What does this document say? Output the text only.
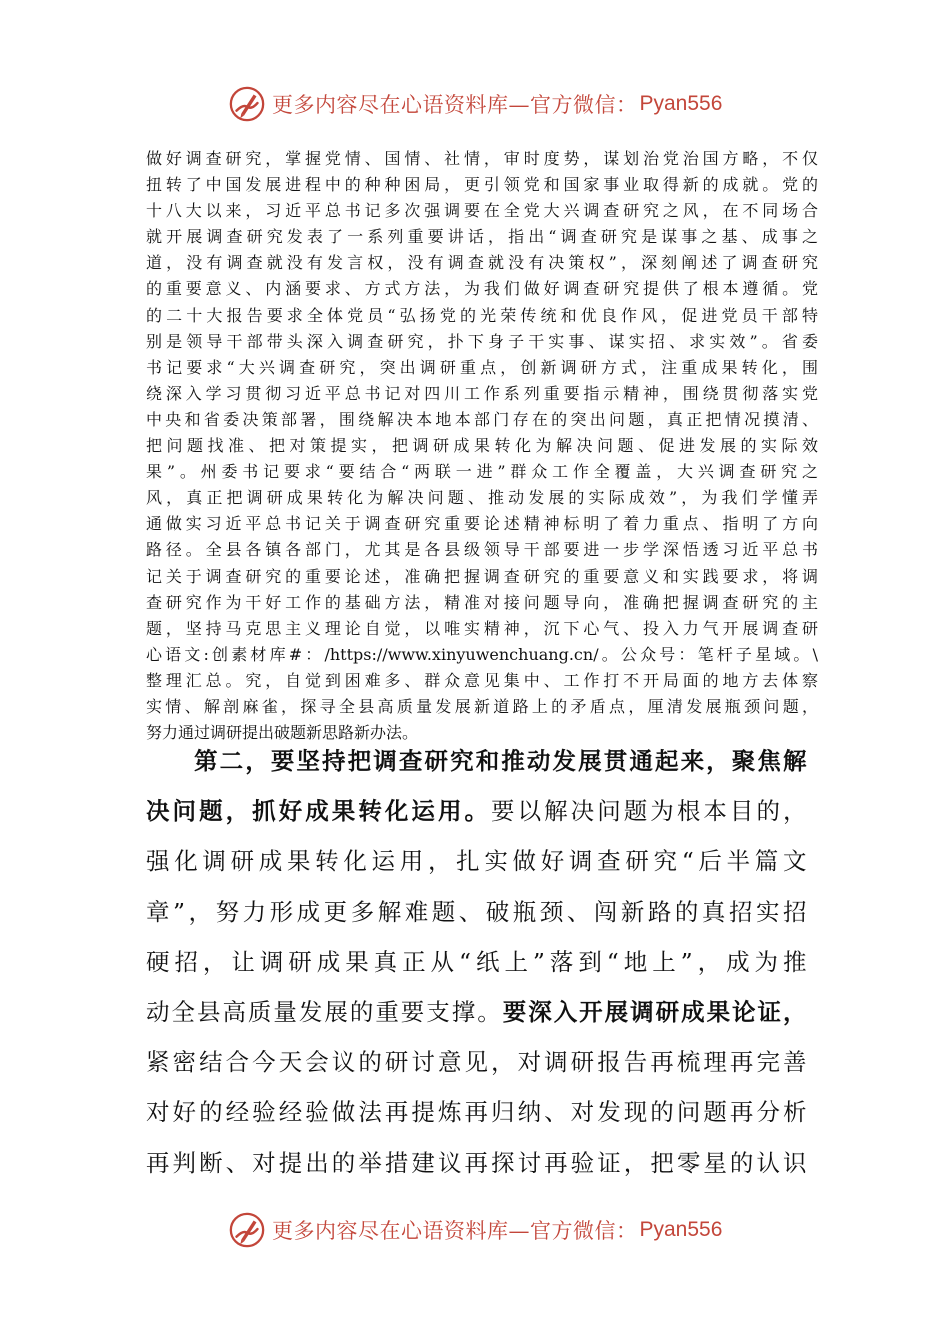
更多内容尽在心语资料库—官方微信： Pyan556
做好调查研究，掌握党情、国情、社情，审时度势，谋划治党治国方略，不仅
扭转了中国发展进程中的种种困局，更引领党和国家事业取得新的成就。党的
十八大以来，习近平总书记多次强调要在全党大兴调查研究之风，在不同场合
就开展调查研究发表了一系列重要讲话，指出“调查研究是谋事之基、成事之
道，没有调查就没有发言权，没有调查就没有决策权”，深刻阐述了调查研究
的重要意义、内涵要求、方式方法，为我们做好调查研究提供了根本遵循。党
的二十大报告要求全体党员“弘扬党的光荣传统和优良作风，促进党员干部特
别是领导干部带头深入调查研究，扑下身子干实事、谋实招、求实效”。省委
书记要求“大兴调查研究，突出调研重点，创新调研方式，注重成果转化，围
绕深入学习贯彻习近平总书记对四川工作系列重要指示精神，围绕贯彻落实党
中央和省委决策部署，围绕解决本地本部门存在的突出问题，真正把情况摸清、
把问题找准、把对策提实，把调研成果转化为解决问题、促进发展的实际效
果”。州委书记要求“要结合“两联一进”群众工作全覆盖，大兴调查研究之
风，真正把调研成果转化为解决问题、推动发展的实际成效”，为我们学懂弄
通做实习近平总书记关于调查研究重要论述精神标明了着力重点、指明了方向
路径。全县各镇各部门，尤其是各县级领导干部要进一步学深悟透习近平总书
记关于调查研究的重要论述，准确把握调查研究的重要意义和实践要求，将调
查研究作为干好工作的基础方法，精准对接问题导向，准确把握调查研究的主
题，坚持马克思主义理论自觉，以唯实精神，沉下心气、投入力气开展调查研
心语文:创素材库#：/https://www.xinyuwenchuang.cn/。公众号：笔杆子星域。\
整理汇总。究，自觉到困难多、群众意见集中、工作打不开局面的地方去体察
实情、解剖麻雀，探寻全县高质量发展新道路上的矛盾点，厘清发展瓶颈问题，
努力通过调研提出破题新思路新办法。
第二，要坚持把调查研究和推动发展贯通起来，聚焦解
决问题，抓好成果转化运用。要以解决问题为根本目的，
强化调研成果转化运用，扎实做好调查研究“后半篇文
章”，努力形成更多解难题、破瓶颈、闯新路的真招实招
硬招，让调研成果真正从“纸上”落到“地上”，成为推
动全县高质量发展的重要支撑。要深入开展调研成果论证，
紧密结合今天会议的研讨意见，对调研报告再梳理再完善
对好的经验经验做法再提炼再归纳、对发现的问题再分析
再判断、对提出的举措建议再探讨再验证，把零星的认识
更多内容尽在心语资料库—官方微信： Pyan556
